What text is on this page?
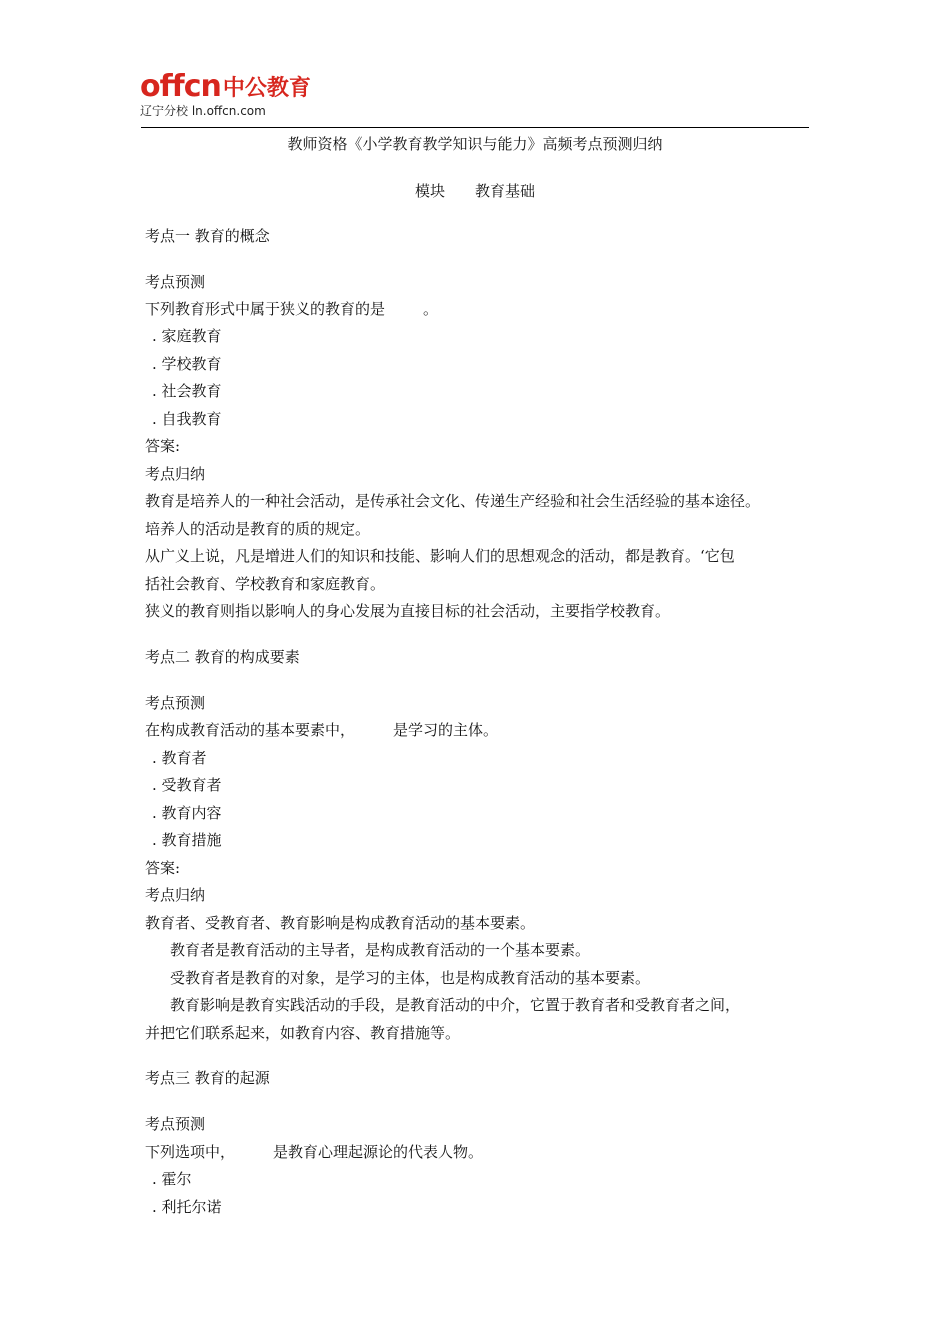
offcn 中公教育
辽宁分校 ln.offcn.com
教师资格《小学教育教学知识与能力》高频考点预测归纳
模块 教育基础
考点一 教育的概念
考点预测
下列教育形式中属于狭义的教育的是	。
. 家庭教育
. 学校教育
. 社会教育
. 自我教育
答案:
考点归纳
教育是培养人的一种社会活动，是传承社会文化、传递生产经验和社会生活经验的基本途径。
培养人的活动是教育的质的规定。
从广义上说，凡是增进人们的知识和技能、影响人们的思想观念的活动，都是教育。‘它包
括社会教育、学校教育和家庭教育。
狭义的教育则指以影响人的身心发展为直接目标的社会活动，主要指学校教育。
考点二 教育的构成要素
考点预测
在构成教育活动的基本要素中，	是学习的主体。
. 教育者
. 受教育者
. 教育内容
. 教育措施
答案:
考点归纳
教育者、受教育者、教育影响是构成教育活动的基本要素。
教育者是教育活动的主导者，是构成教育活动的一个基本要素。
受教育者是教育的对象，是学习的主体，也是构成教育活动的基本要素。
教育影响是教育实践活动的手段，是教育活动的中介，它置于教育者和受教育者之间，
并把它们联系起来，如教育内容、教育措施等。
考点三 教育的起源
考点预测
下列选项中，	是教育心理起源论的代表人物。
. 霍尔
. 利托尔诺
